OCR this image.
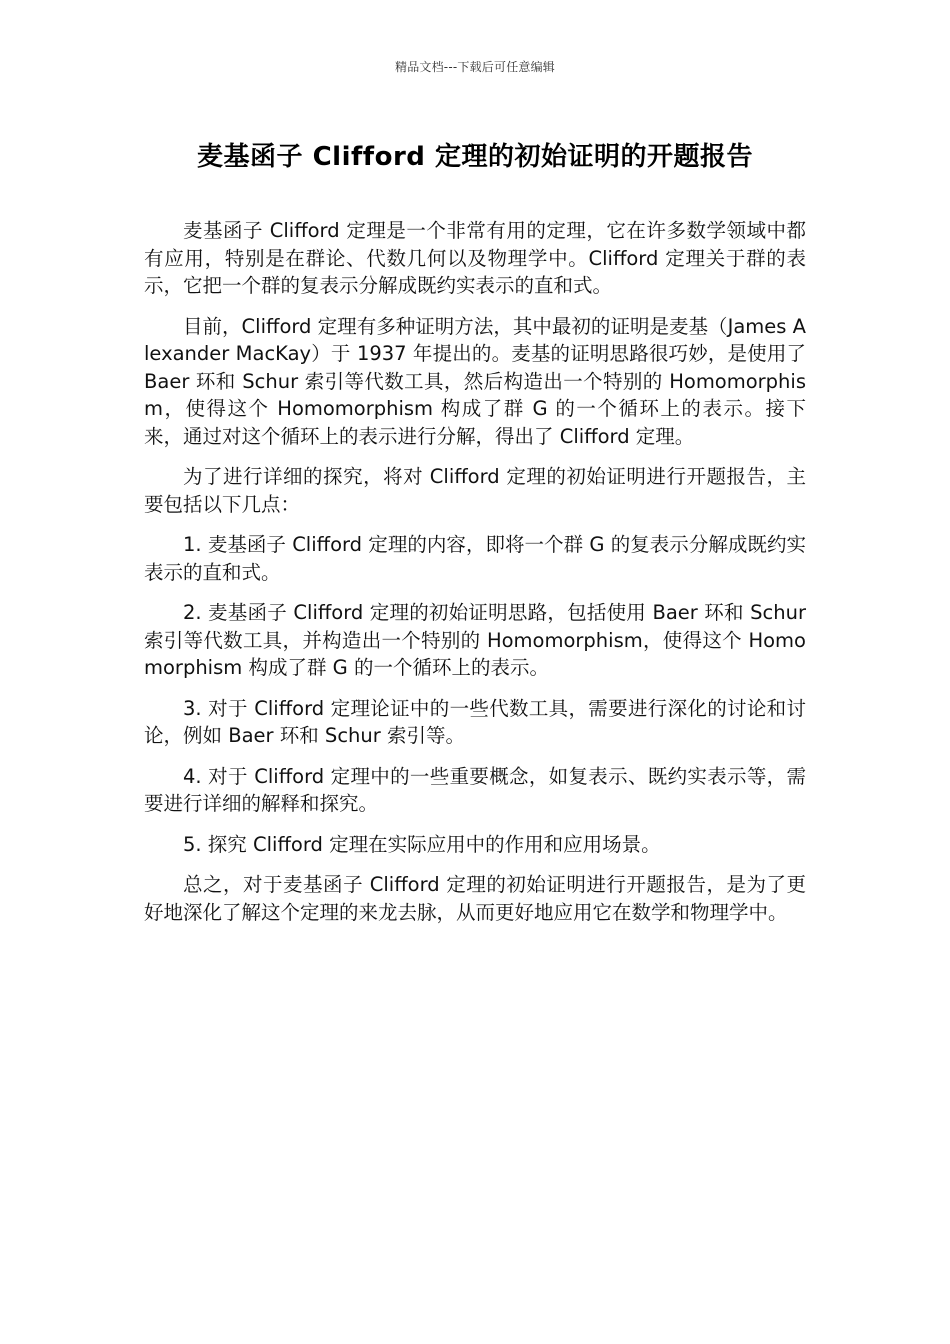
精品文档---下载后可任意编辑
麦基函子 Clifford 定理的初始证明的开题报告

麦基函子 Clifford 定理是一个非常有用的定理，它在许多数学领域中都有应用，特别是在群论、代数几何以及物理学中。Clifford 定理关于群的表示，它把一个群的复表示分解成既约实表示的直和式。

目前，Clifford 定理有多种证明方法，其中最初的证明是麦基（James Alexander MacKay）于 1937 年提出的。麦基的证明思路很巧妙，是使用了 Baer 环和 Schur 索引等代数工具，然后构造出一个特别的 Homomorphism，使得这个 Homomorphism 构成了群 G 的一个循环上的表示。接下来，通过对这个循环上的表示进行分解，得出了 Clifford 定理。

为了进行详细的探究，将对 Clifford 定理的初始证明进行开题报告，主要包括以下几点：

1. 麦基函子 Clifford 定理的内容，即将一个群 G 的复表示分解成既约实表示的直和式。

2. 麦基函子 Clifford 定理的初始证明思路，包括使用 Baer 环和 Schur 索引等代数工具，并构造出一个特别的 Homomorphism，使得这个 Homomorphism 构成了群 G 的一个循环上的表示。

3. 对于 Clifford 定理论证中的一些代数工具，需要进行深化的讨论和讨论，例如 Baer 环和 Schur 索引等。

4. 对于 Clifford 定理中的一些重要概念，如复表示、既约实表示等，需要进行详细的解释和探究。

5. 探究 Clifford 定理在实际应用中的作用和应用场景。

总之，对于麦基函子 Clifford 定理的初始证明进行开题报告，是为了更好地深化了解这个定理的来龙去脉，从而更好地应用它在数学和物理学中。
